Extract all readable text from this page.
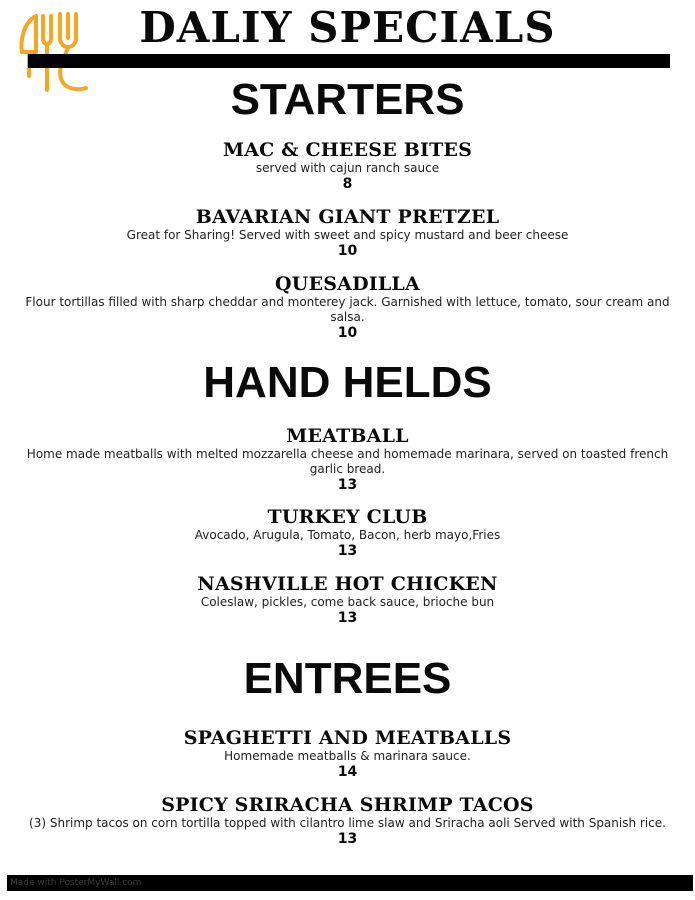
DALIY SPECIALS
STARTERS
MAC & CHEESE BITES
served with cajun ranch sauce
8
BAVARIAN GIANT PRETZEL
Great for Sharing! Served with sweet and spicy mustard and beer cheese
10
QUESADILLA
Flour tortillas filled with sharp cheddar and monterey jack. Garnished with lettuce, tomato, sour cream and salsa.
10
HAND HELDS
MEATBALL
Home made meatballs with melted mozzarella cheese and homemade marinara, served on toasted french garlic bread.
13
TURKEY CLUB
Avocado, Arugula, Tomato, Bacon, herb mayo,Fries
13
NASHVILLE HOT CHICKEN
Coleslaw, pickles, come back sauce, brioche bun
13
ENTREES
SPAGHETTI AND MEATBALLS
Homemade meatballs & marinara sauce.
14
SPICY SRIRACHA SHRIMP TACOS
(3) Shrimp tacos on corn tortilla topped with cilantro lime slaw and Sriracha aoli Served with Spanish rice.
13
Made with PosterMyWall.com
